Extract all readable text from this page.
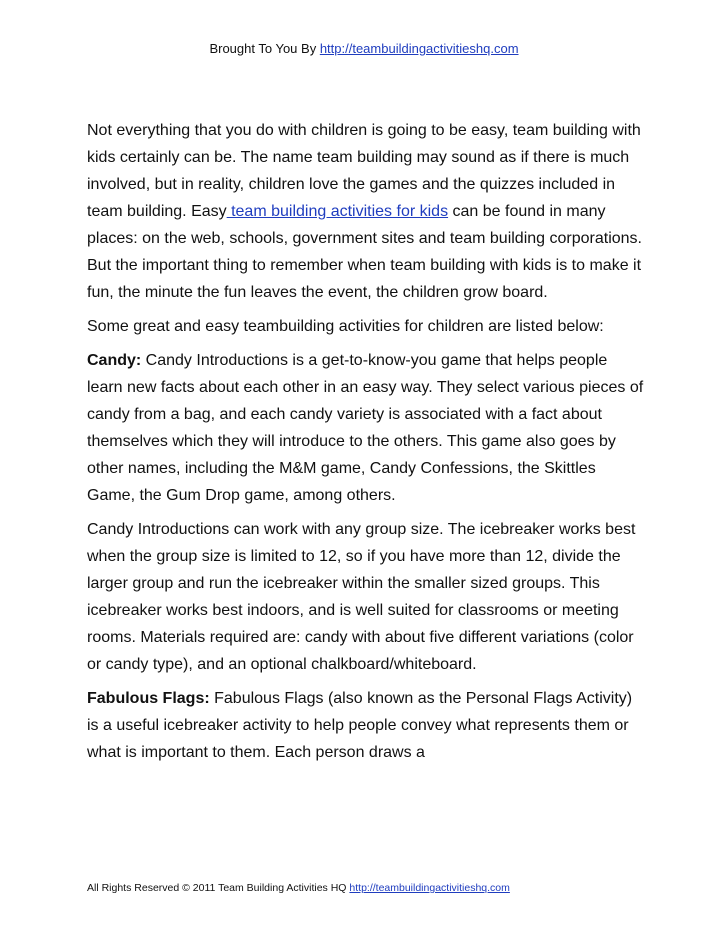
Brought To You By http://teambuildingactivitieshq.com

Not everything that you do with children is going to be easy, team building with kids certainly can be. The name team building may sound as if there is much involved, but in reality, children love the games and the quizzes included in team building. Easy team building activities for kids can be found in many places: on the web, schools, government sites and team building corporations. But the important thing to remember when team building with kids is to make it fun, the minute the fun leaves the event, the children grow board.

Some great and easy teambuilding activities for children are listed below:

Candy: Candy Introductions is a get-to-know-you game that helps people learn new facts about each other in an easy way. They select various pieces of candy from a bag, and each candy variety is associated with a fact about themselves which they will introduce to the others. This game also goes by other names, including the M&M game, Candy Confessions, the Skittles Game, the Gum Drop game, among others.

Candy Introductions can work with any group size. The icebreaker works best when the group size is limited to 12, so if you have more than 12, divide the larger group and run the icebreaker within the smaller sized groups. This icebreaker works best indoors, and is well suited for classrooms or meeting rooms. Materials required are: candy with about five different variations (color or candy type), and an optional chalkboard/whiteboard.

Fabulous Flags: Fabulous Flags (also known as the Personal Flags Activity) is a useful icebreaker activity to help people convey what represents them or what is important to them. Each person draws a

All Rights Reserved © 2011 Team Building Activities HQ http://teambuildingactivitieshq.com
